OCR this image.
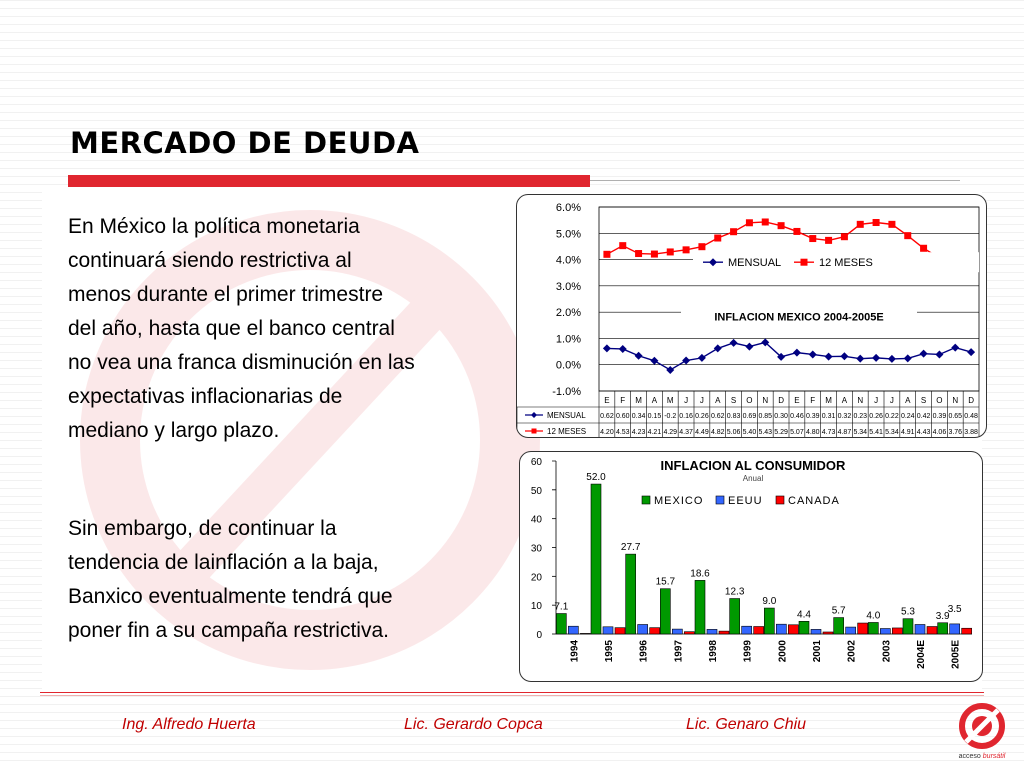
MERCADO DE DEUDA
En México la política monetaria
continuará siendo restrictiva al
menos durante el primer trimestre
del año, hasta que el banco central
no vea una franca disminución en las
expectativas inflacionarias de
mediano y largo plazo.
Sin embargo, de continuar la
tendencia de lainflación a la baja,
Banxico eventualmente tendrá que
poner fin a su campaña restrictiva.
6.0%
5.0%
4.0%
3.0%
2.0%
1.0%
0.0%
-1.0%
MENSUAL	12 MESES
INFLACION MEXICO 2004-2005E
E F M A M J J A S O N D E F M A N J J A S O N D
MENSUAL 0.62 0.60 0.34 0.15 -0.2 0.16 0.26 0.62 0.83 0.69 0.85 0.30 0.46 0.39 0.31 0.32 0.23 0.26 0.22 0.24 0.42 0.39 0.65 0.48
12 MESES 4.20 4.53 4.23 4.21 4.29 4.37 4.49 4.82 5.06 5.40 5.43 5.29 5.07 4.80 4.73 4.87 5.34 5.41 5.34 4.91 4.43 4.06 3.76 3.88
60
50
40
30
20
10
0
1994 1995 1996 1997 1998 1999 2000 2001 2002 2003 2004E 2005E
7.1
52.0
27.7
15.7
18.6
12.3
9.0
4.4 5.7 4.0 5.3 3.9
3.5
MEXICO EEUU CANADA
INFLACION AL CONSUMIDOR
Anual
Ing. Alfredo Huerta	Lic. Gerardo Copca	Lic. Genaro Chiu
acceso bursátil
